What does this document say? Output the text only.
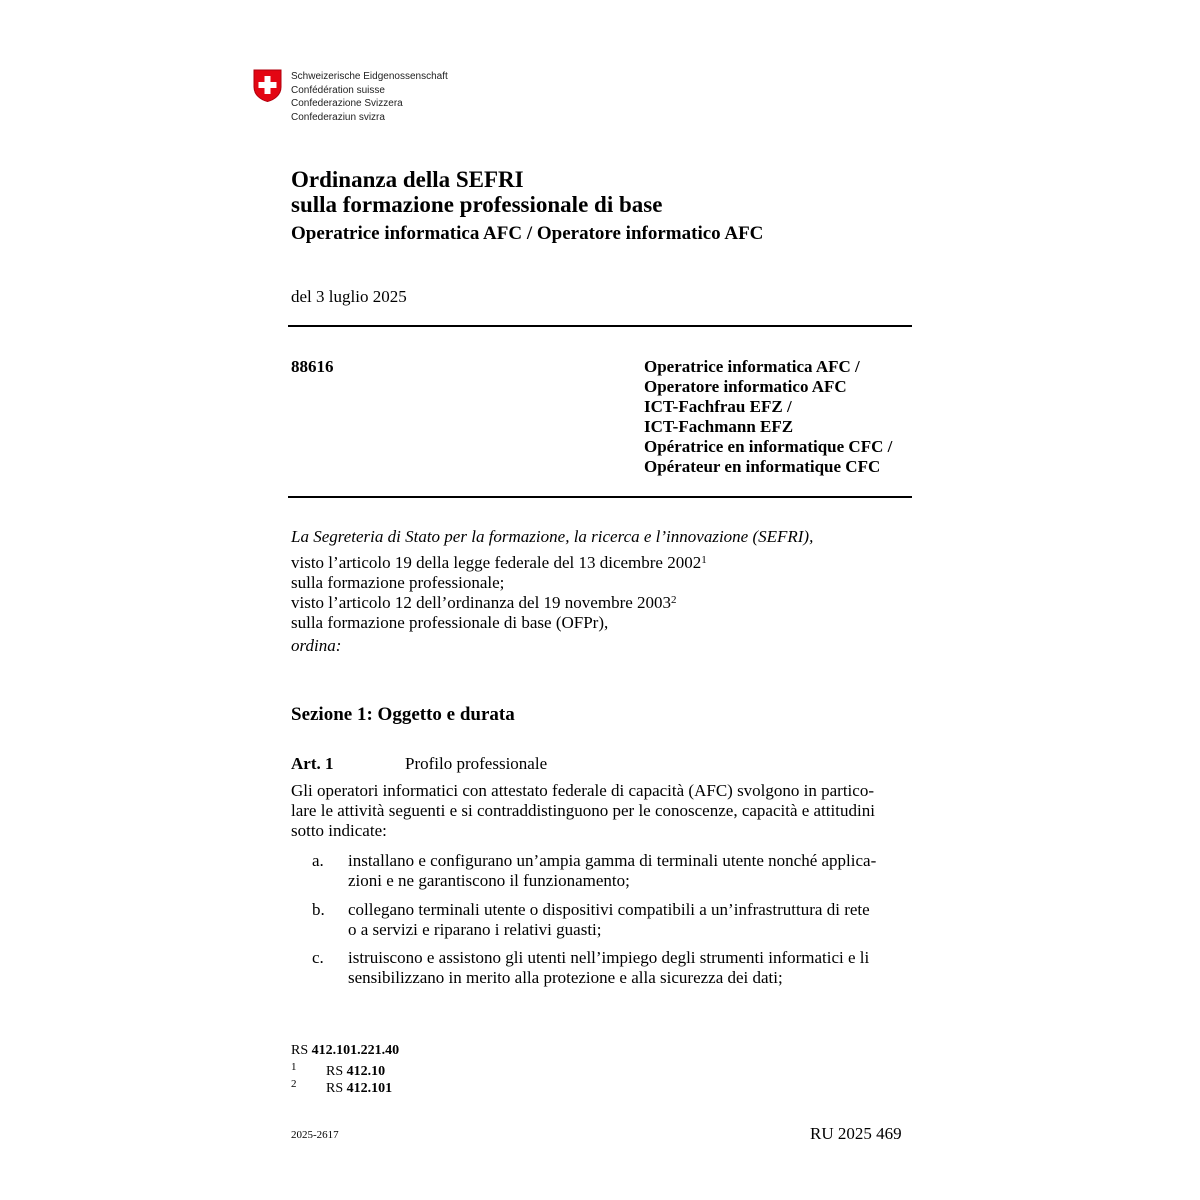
Schweizerische Eidgenossenschaft
Confédération suisse
Confederazione Svizzera
Confederaziun svizra
Ordinanza della SEFRI
sulla formazione professionale di base
Operatrice informatica AFC / Operatore informatico AFC
del 3 luglio 2025
88616	Operatrice informatica AFC /
Operatore informatico AFC
ICT-Fachfrau EFZ /
ICT-Fachmann EFZ
Opératrice en informatique CFC /
Opérateur en informatique CFC
La Segreteria di Stato per la formazione, la ricerca e l’innovazione (SEFRI),
visto l’articolo 19 della legge federale del 13 dicembre 2002$^1$
sulla formazione professionale;
visto l’articolo 12 dell’ordinanza del 19 novembre 2003$^2$
sulla formazione professionale di base (OFPr),
ordina:
Sezione 1: Oggetto e durata
Art. 1	Profilo professionale
Gli operatori informatici con attestato federale di capacità (AFC) svolgono in partico-
lare le attività seguenti e si contraddistinguono per le conoscenze, capacità e attitudini
sotto indicate:
a. installano e configurano un’ampia gamma di terminali utente nonché applica-
zioni e ne garantiscono il funzionamento;
b. collegano terminali utente o dispositivi compatibili a un’infrastruttura di rete
o a servizi e riparano i relativi guasti;
c. istruiscono e assistono gli utenti nell’impiego degli strumenti informatici e li
sensibilizzano in merito alla protezione e alla sicurezza dei dati;
RS 412.101.221.40
1 RS 412.10
2 RS 412.101
2025-2617	RU 2025 469
